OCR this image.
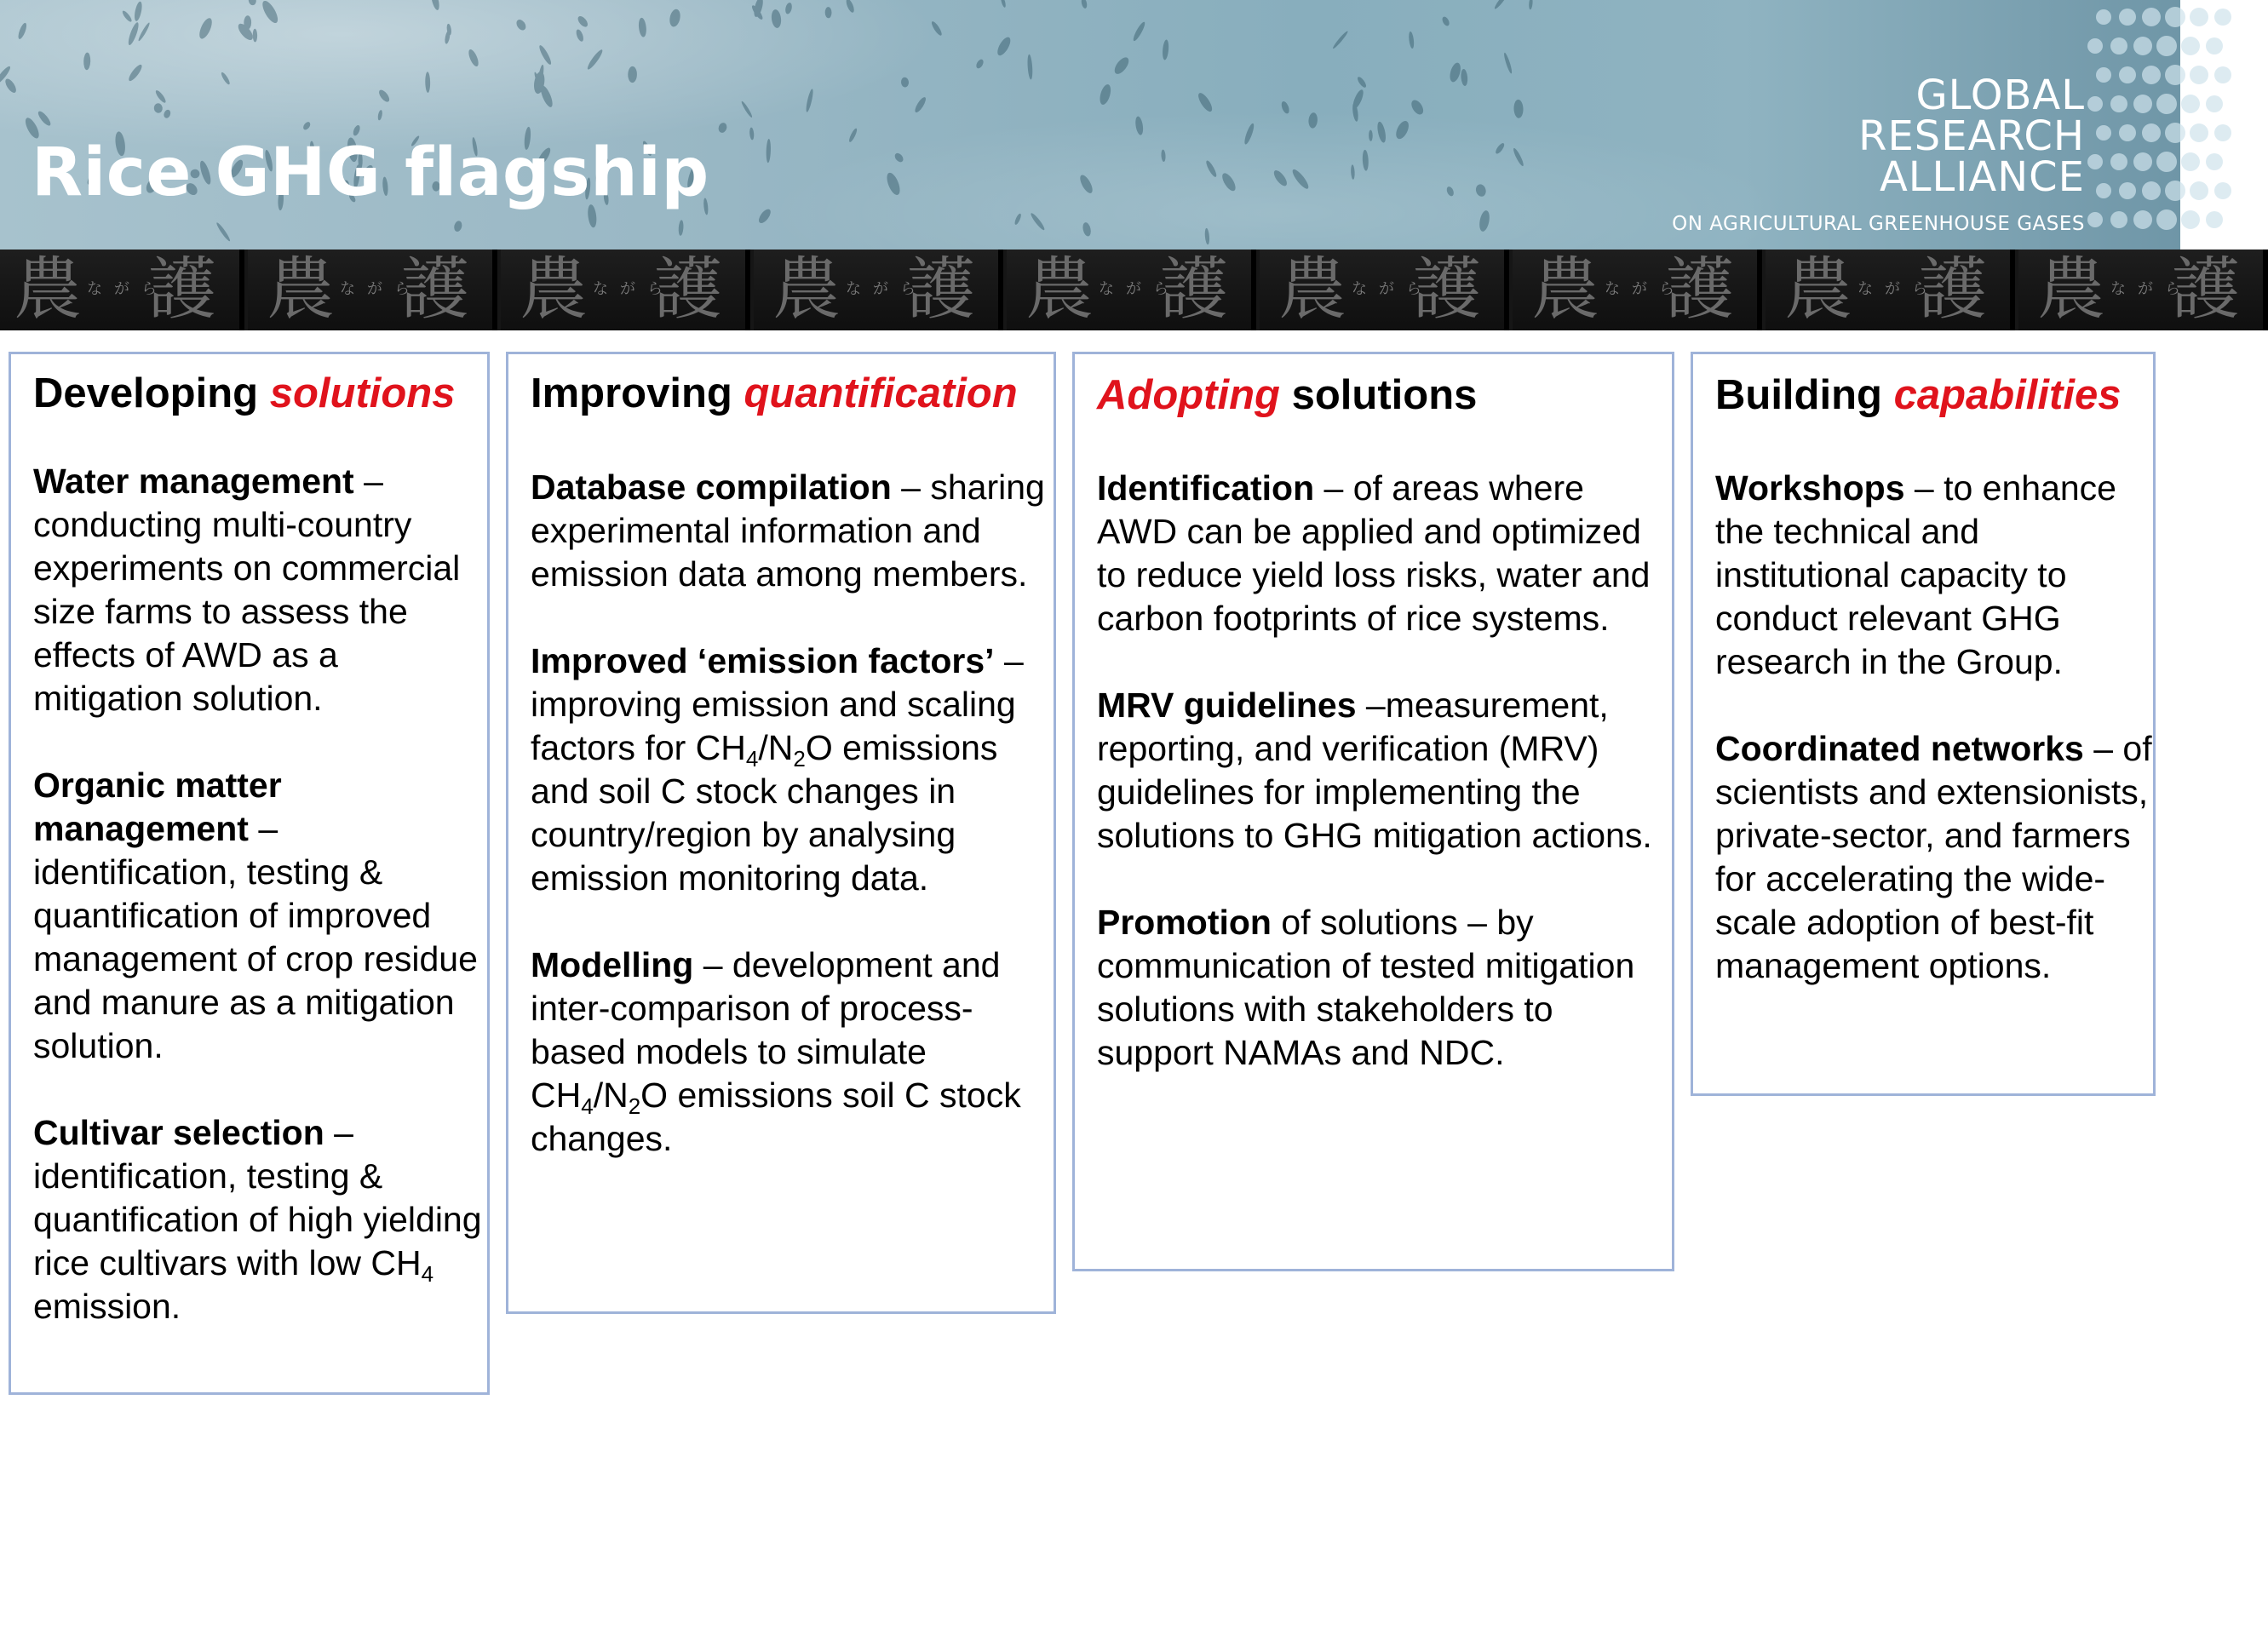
Rice GHG flagship
GLOBAL
RESEARCH
ALLIANCE
ON AGRICULTURAL GREENHOUSE GASES
農 ながら
護 農 ながら
護 農 ながら
護 農 ながら
護 農 ながら
護 農 ながら
護 農 ながら
護 農 ながら
護 農 ながら
護
Developing solutions

Water management – conducting multi-country experiments on commercial size farms to assess the effects of AWD as a mitigation solution.

Organic matter management – identification, testing & quantification of improved management of crop residue and manure as a mitigation solution.

Cultivar selection – identification, testing & quantification of high yielding rice cultivars with low $CH_4$ emission.

Improving quantification

Database compilation – sharing experimental information and emission data among members.

Improved ‘emission factors’ – improving emission and scaling factors for $CH_4/N_2O$ emissions and soil C stock changes in country/region by analysing emission monitoring data.

Modelling – development and inter-comparison of process-based models to simulate $CH_4/N_2O$ emissions soil C stock changes.

Adopting solutions

Identification – of areas where AWD can be applied and optimized to reduce yield loss risks, water and carbon footprints of rice systems.

MRV guidelines –measurement, reporting, and verification (MRV) guidelines for implementing the solutions to GHG mitigation actions.

Promotion of solutions – by communication of tested mitigation solutions with stakeholders to support NAMAs and NDC.

Building capabilities

Workshops – to enhance the technical and institutional capacity to conduct relevant GHG research in the Group.

Coordinated networks – of scientists and extensionists, private-sector, and farmers for accelerating the wide-scale adoption of best-fit management options.
